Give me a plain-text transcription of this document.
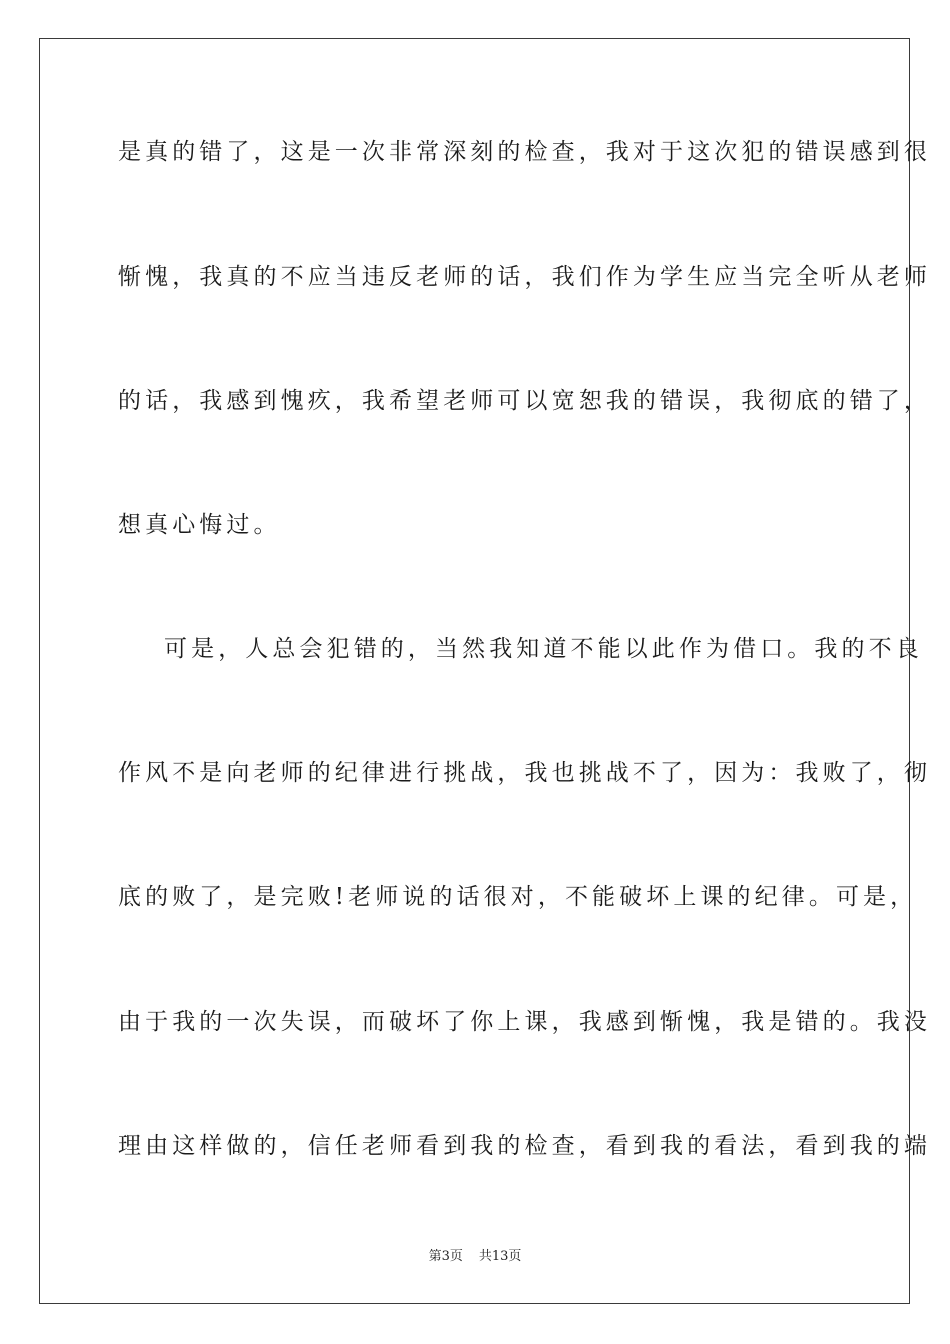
是真的错了，这是一次非常深刻的检查，我对于这次犯的错误感到很
惭愧，我真的不应当违反老师的话，我们作为学生应当完全听从老师
的话，我感到愧疚，我希望老师可以宽恕我的错误，我彻底的错了，
想真心悔过。
可是，人总会犯错的，当然我知道不能以此作为借口。我的不良
作风不是向老师的纪律进行挑战，我也挑战不了，因为：我败了，彻
底的败了，是完败!老师说的话很对，不能破坏上课的纪律。可是，
由于我的一次失误，而破坏了你上课，我感到惭愧，我是错的。我没
理由这样做的，信任老师看到我的检查，看到我的看法，看到我的端
第3页 共13页
